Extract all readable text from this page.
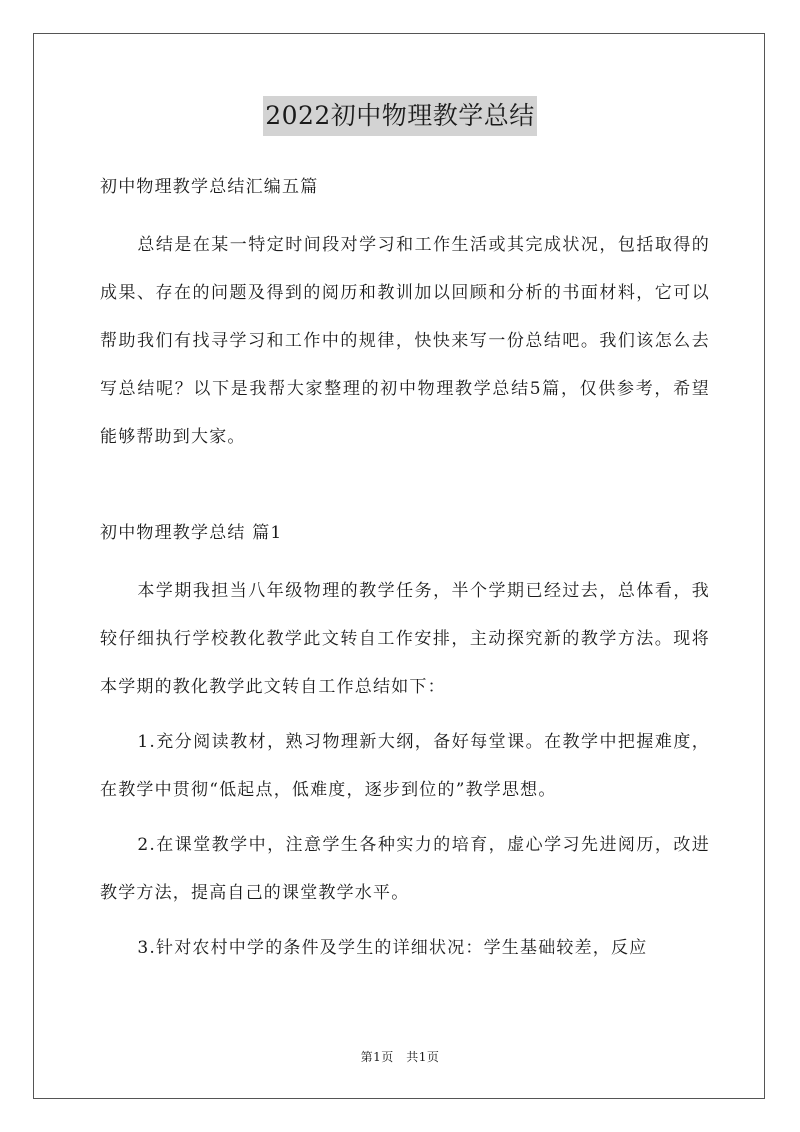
2022初中物理教学总结

初中物理教学总结汇编五篇

总结是在某一特定时间段对学习和工作生活或其完成状况，包括取得的成果、存在的问题及得到的阅历和教训加以回顾和分析的书面材料，它可以帮助我们有找寻学习和工作中的规律，快快来写一份总结吧。我们该怎么去写总结呢？以下是我帮大家整理的初中物理教学总结5篇，仅供参考，希望能够帮助到大家。

初中物理教学总结 篇1

本学期我担当八年级物理的教学任务，半个学期已经过去，总体看，我较仔细执行学校教化教学此文转自工作安排，主动探究新的教学方法。现将本学期的教化教学此文转自工作总结如下：

1.充分阅读教材，熟习物理新大纲，备好每堂课。在教学中把握难度，在教学中贯彻“低起点，低难度，逐步到位的”教学思想。

2.在课堂教学中，注意学生各种实力的培育，虚心学习先进阅历，改进教学方法，提高自己的课堂教学水平。

3.针对农村中学的条件及学生的详细状况：学生基础较差，反应

第1页　共1页
